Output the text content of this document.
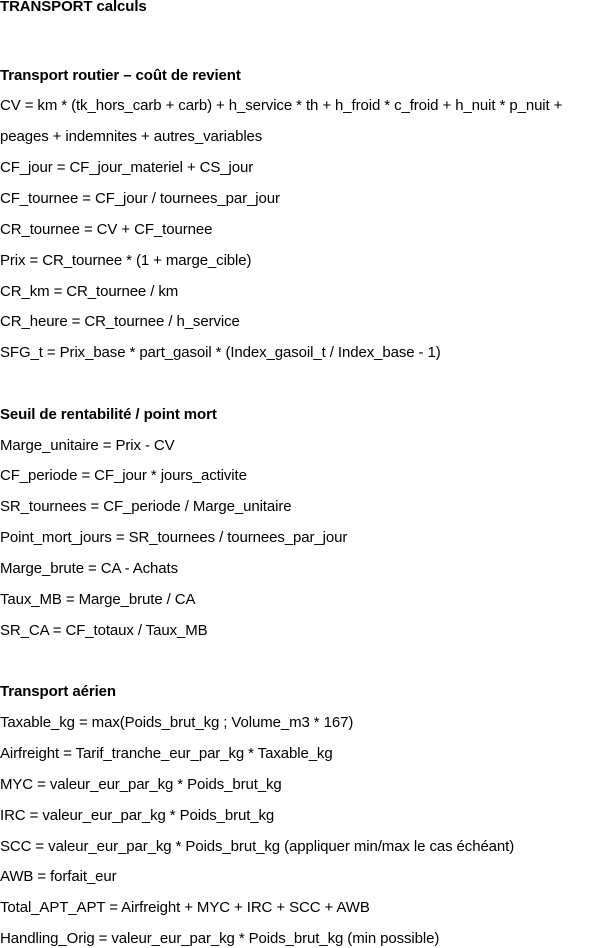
TRANSPORT calculs
Transport routier – coût de revient
CV = km * (tk_hors_carb + carb) + h_service * th + h_froid * c_froid + h_nuit * p_nuit +
peages + indemnites + autres_variables
CF_jour = CF_jour_materiel + CS_jour
CF_tournee = CF_jour / tournees_par_jour
CR_tournee = CV + CF_tournee
Prix = CR_tournee * (1 + marge_cible)
CR_km = CR_tournee / km
CR_heure = CR_tournee / h_service
SFG_t = Prix_base * part_gasoil * (Index_gasoil_t / Index_base - 1)
Seuil de rentabilité / point mort
Marge_unitaire = Prix - CV
CF_periode = CF_jour * jours_activite
SR_tournees = CF_periode / Marge_unitaire
Point_mort_jours = SR_tournees / tournees_par_jour
Marge_brute = CA - Achats
Taux_MB = Marge_brute / CA
SR_CA = CF_totaux / Taux_MB
Transport aérien
Taxable_kg = max(Poids_brut_kg ; Volume_m3 * 167)
Airfreight = Tarif_tranche_eur_par_kg * Taxable_kg
MYC = valeur_eur_par_kg * Poids_brut_kg
IRC = valeur_eur_par_kg * Poids_brut_kg
SCC = valeur_eur_par_kg * Poids_brut_kg (appliquer min/max le cas échéant)
AWB = forfait_eur
Total_APT_APT = Airfreight + MYC + IRC + SCC + AWB
Handling_Orig = valeur_eur_par_kg * Poids_brut_kg (min possible)
